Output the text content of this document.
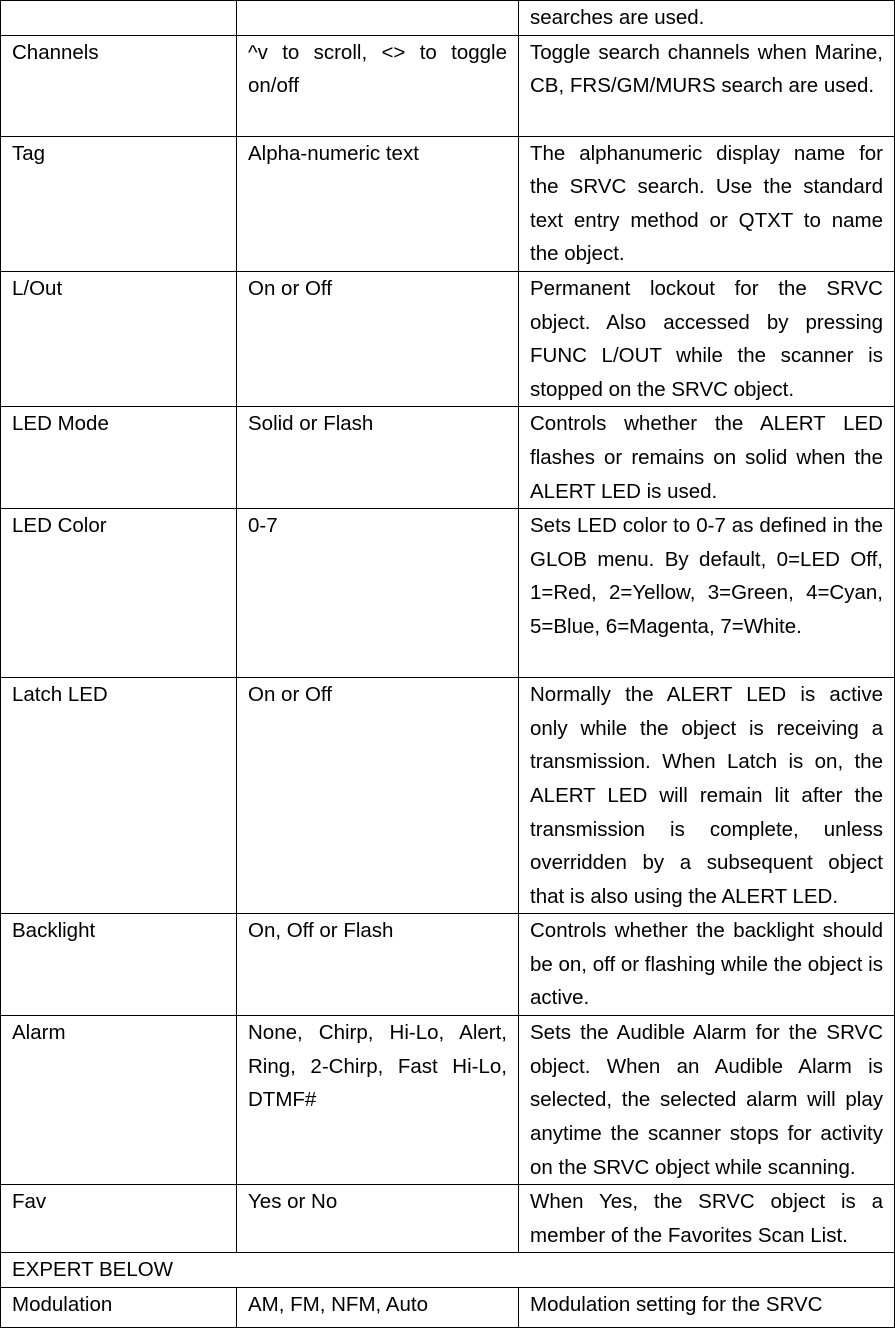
		searches are used.
Channels	^v to scroll, <> to toggle on/off	Toggle search channels when Marine, CB, FRS/GM/MURS search are used.
Tag	Alpha-numeric text	The alphanumeric display name for the SRVC search. Use the standard text entry method or QTXT to name the object.
L/Out	On or Off	Permanent lockout for the SRVC object. Also accessed by pressing FUNC L/OUT while the scanner is stopped on the SRVC object.
LED Mode	Solid or Flash	Controls whether the ALERT LED flashes or remains on solid when the ALERT LED is used.
LED Color	0-7	Sets LED color to 0-7 as defined in the GLOB menu. By default, 0=LED Off, 1=Red, 2=Yellow, 3=Green, 4=Cyan, 5=Blue, 6=Magenta, 7=White.
Latch LED	On or Off	Normally the ALERT LED is active only while the object is receiving a transmission. When Latch is on, the ALERT LED will remain lit after the transmission is complete, unless overridden by a subsequent object that is also using the ALERT LED.
Backlight	On, Off or Flash	Controls whether the backlight should be on, off or flashing while the object is active.
Alarm	None, Chirp, Hi-Lo, Alert, Ring, 2-Chirp, Fast Hi-Lo, DTMF#	Sets the Audible Alarm for the SRVC object. When an Audible Alarm is selected, the selected alarm will play anytime the scanner stops for activity on the SRVC object while scanning.
Fav	Yes or No	When Yes, the SRVC object is a member of the Favorites Scan List.
EXPERT BELOW		
Modulation	AM, FM, NFM, Auto	Modulation setting for the SRVC
